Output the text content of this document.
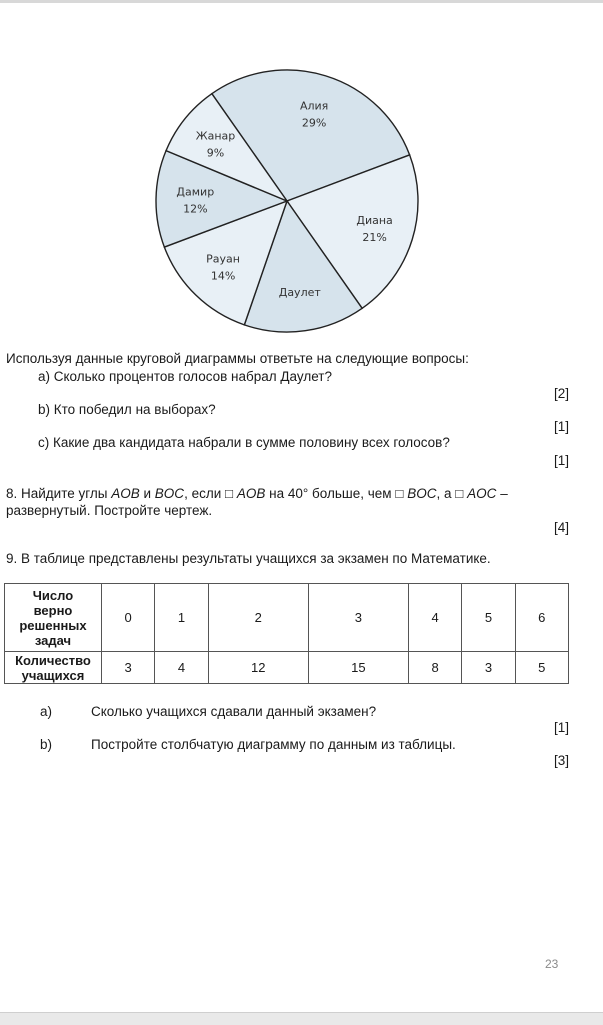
Алия
29%
Диана
21%
Даулет
Рауан
14%
Дамир
12%
Жанар
9%
Используя данные круговой диаграммы ответьте на следующие вопросы:
a) Сколько процентов голосов набрал Даулет?
[2]
b) Кто победил на выборах?
[1]
c) Какие два кандидата набрали в сумме половину всех голосов?
[1]
8. Найдите углы AOB и BOC, если □ AOB на 40° больше, чем □ BOC, а □ AOC –
развернутый. Постройте чертеж.
[4]
9. В таблице представлены результаты учащихся за экзамен по Математике.
Число
верно
решенных
задач	0	1	2	3	4	5	6

Количество
учащихся	3	4	12	15	8	3	5
a)	Сколько учащихся сдавали данный экзамен?
[1]
b)	Постройте столбчатую диаграмму по данным из таблицы.
[3]
23
